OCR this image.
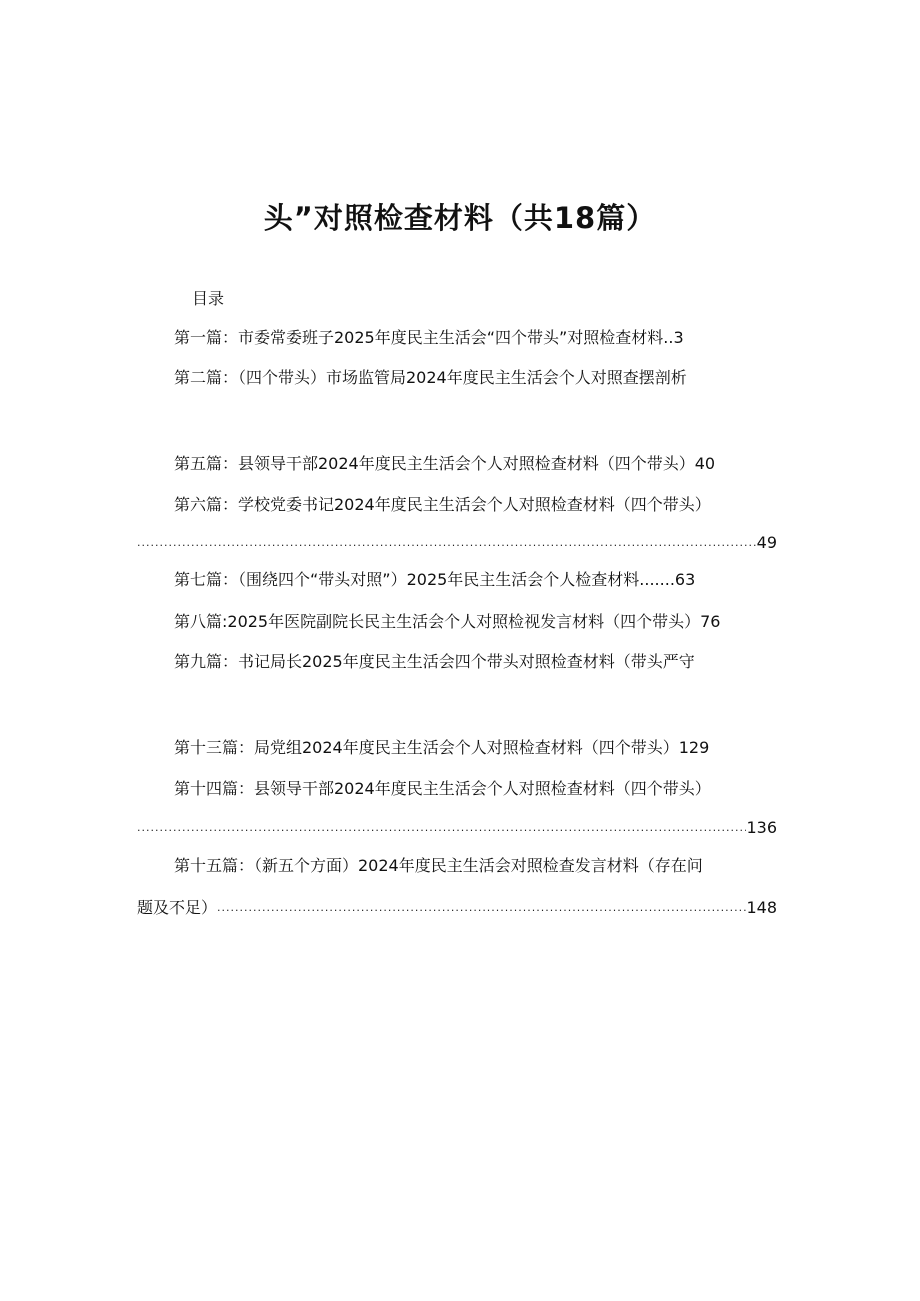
头”对照检查材料（共18篇）
目录
第一篇：市委常委班子2025年度民主生活会“四个带头”对照检查材料..3
第二篇：（四个带头）市场监管局2024年度民主生活会个人对照查摆剖析
第五篇：县领导干部2024年度民主生活会个人对照检查材料（四个带头）40
第六篇：学校党委书记2024年度民主生活会个人对照检查材料（四个带头）
.....
49
第七篇：（围绕四个“带头对照”）2025年民主生活会个人检查材料.......63
第八篇:2025年医院副院长民主生活会个人对照检视发言材料（四个带头）76
第九篇：书记局长2025年度民主生活会四个带头对照检查材料（带头严守
第十三篇：局党组2024年度民主生活会个人对照检查材料（四个带头）129
第十四篇：县领导干部2024年度民主生活会个人对照检查材料（四个带头）
.....
136
第十五篇：（新五个方面）2024年度民主生活会对照检查发言材料（存在问
题及不足）
.....	148
